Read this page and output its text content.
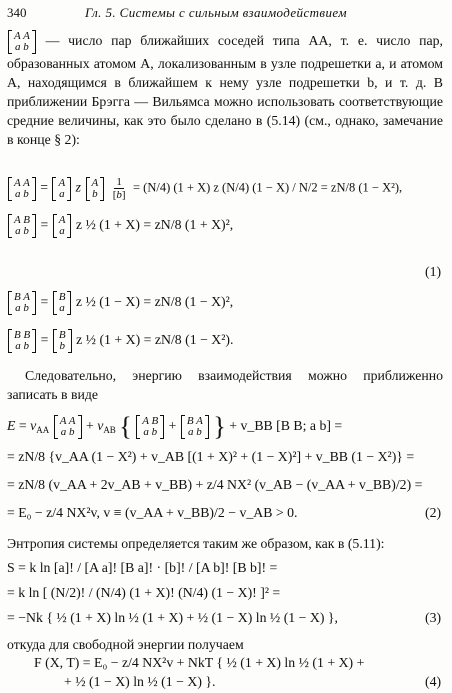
340	Гл. 5. Системы с сильным взаимодействием
A A
a b — число пар ближайших соседей типа AA, т. е. число пар, образованных атомом A, локализованным в узле подрешетки a, и атомом A, находящимся в ближайшем к нему узле подрешетки b, и т. д. В приближении Брэгга — Вильямса можно использовать соответствующие средние величины, как это было сделано в (5.14) (см., однако, замечание в конце § 2):
A A
a b = A
a z A
b
$\frac{1}{[b]} = (N/4) (1 + X)$ z (N/4) (1 − X) / N/2 = zN/8 (1 − X²),
A B
a b = A
a z ½ (1 + X) = zN/8 (1 + X)²,
(1)
B A
a b = B
a z ½ (1 − X) = zN/8 (1 − X)²,
B B
a b = B
b z ½ (1 + X) = zN/8 (1 − X²).
Следовательно, энергию взаимодействия можно приближенно записать в виде
$E = v_{AA}$
A A
a $b + v_{AB}$ { A B
a b + B A
a b } + v_BB [B B; a b] =
= zN/8 {v_AA (1 − X²) + v_AB [(1 + X)² + (1 − X)²] + v_BB (1 − X²)} =
= zN/8 (v_AA + 2v_AB + v_BB) + z/4 NX² (v_AB − (v_AA + v_BB)/2) =
= E₀ − z/4 NX²v, v ≡ (v_AA + v_BB)/2 − v_AB > 0.	(2)
Энтропия системы определяется таким же образом, как в (5.11):
S = k ln [a]! / [A a]! [B a]! · [b]! / [A b]! [B b]! =
= k ln [ (N/2)! / (N/4) (1 + X)! (N/4) (1 − X)! ]² =
= −Nk { ½ (1 + X) ln ½ (1 + X) + ½ (1 − X) ln ½ (1 − X) },	(3)
откуда для свободной энергии получаем
F (X, T) = E₀ − z/4 NX²v + NkT { ½ (1 + X) ln ½ (1 + X) +
+ ½ (1 − X) ln ½ (1 − X) }.	(4)
